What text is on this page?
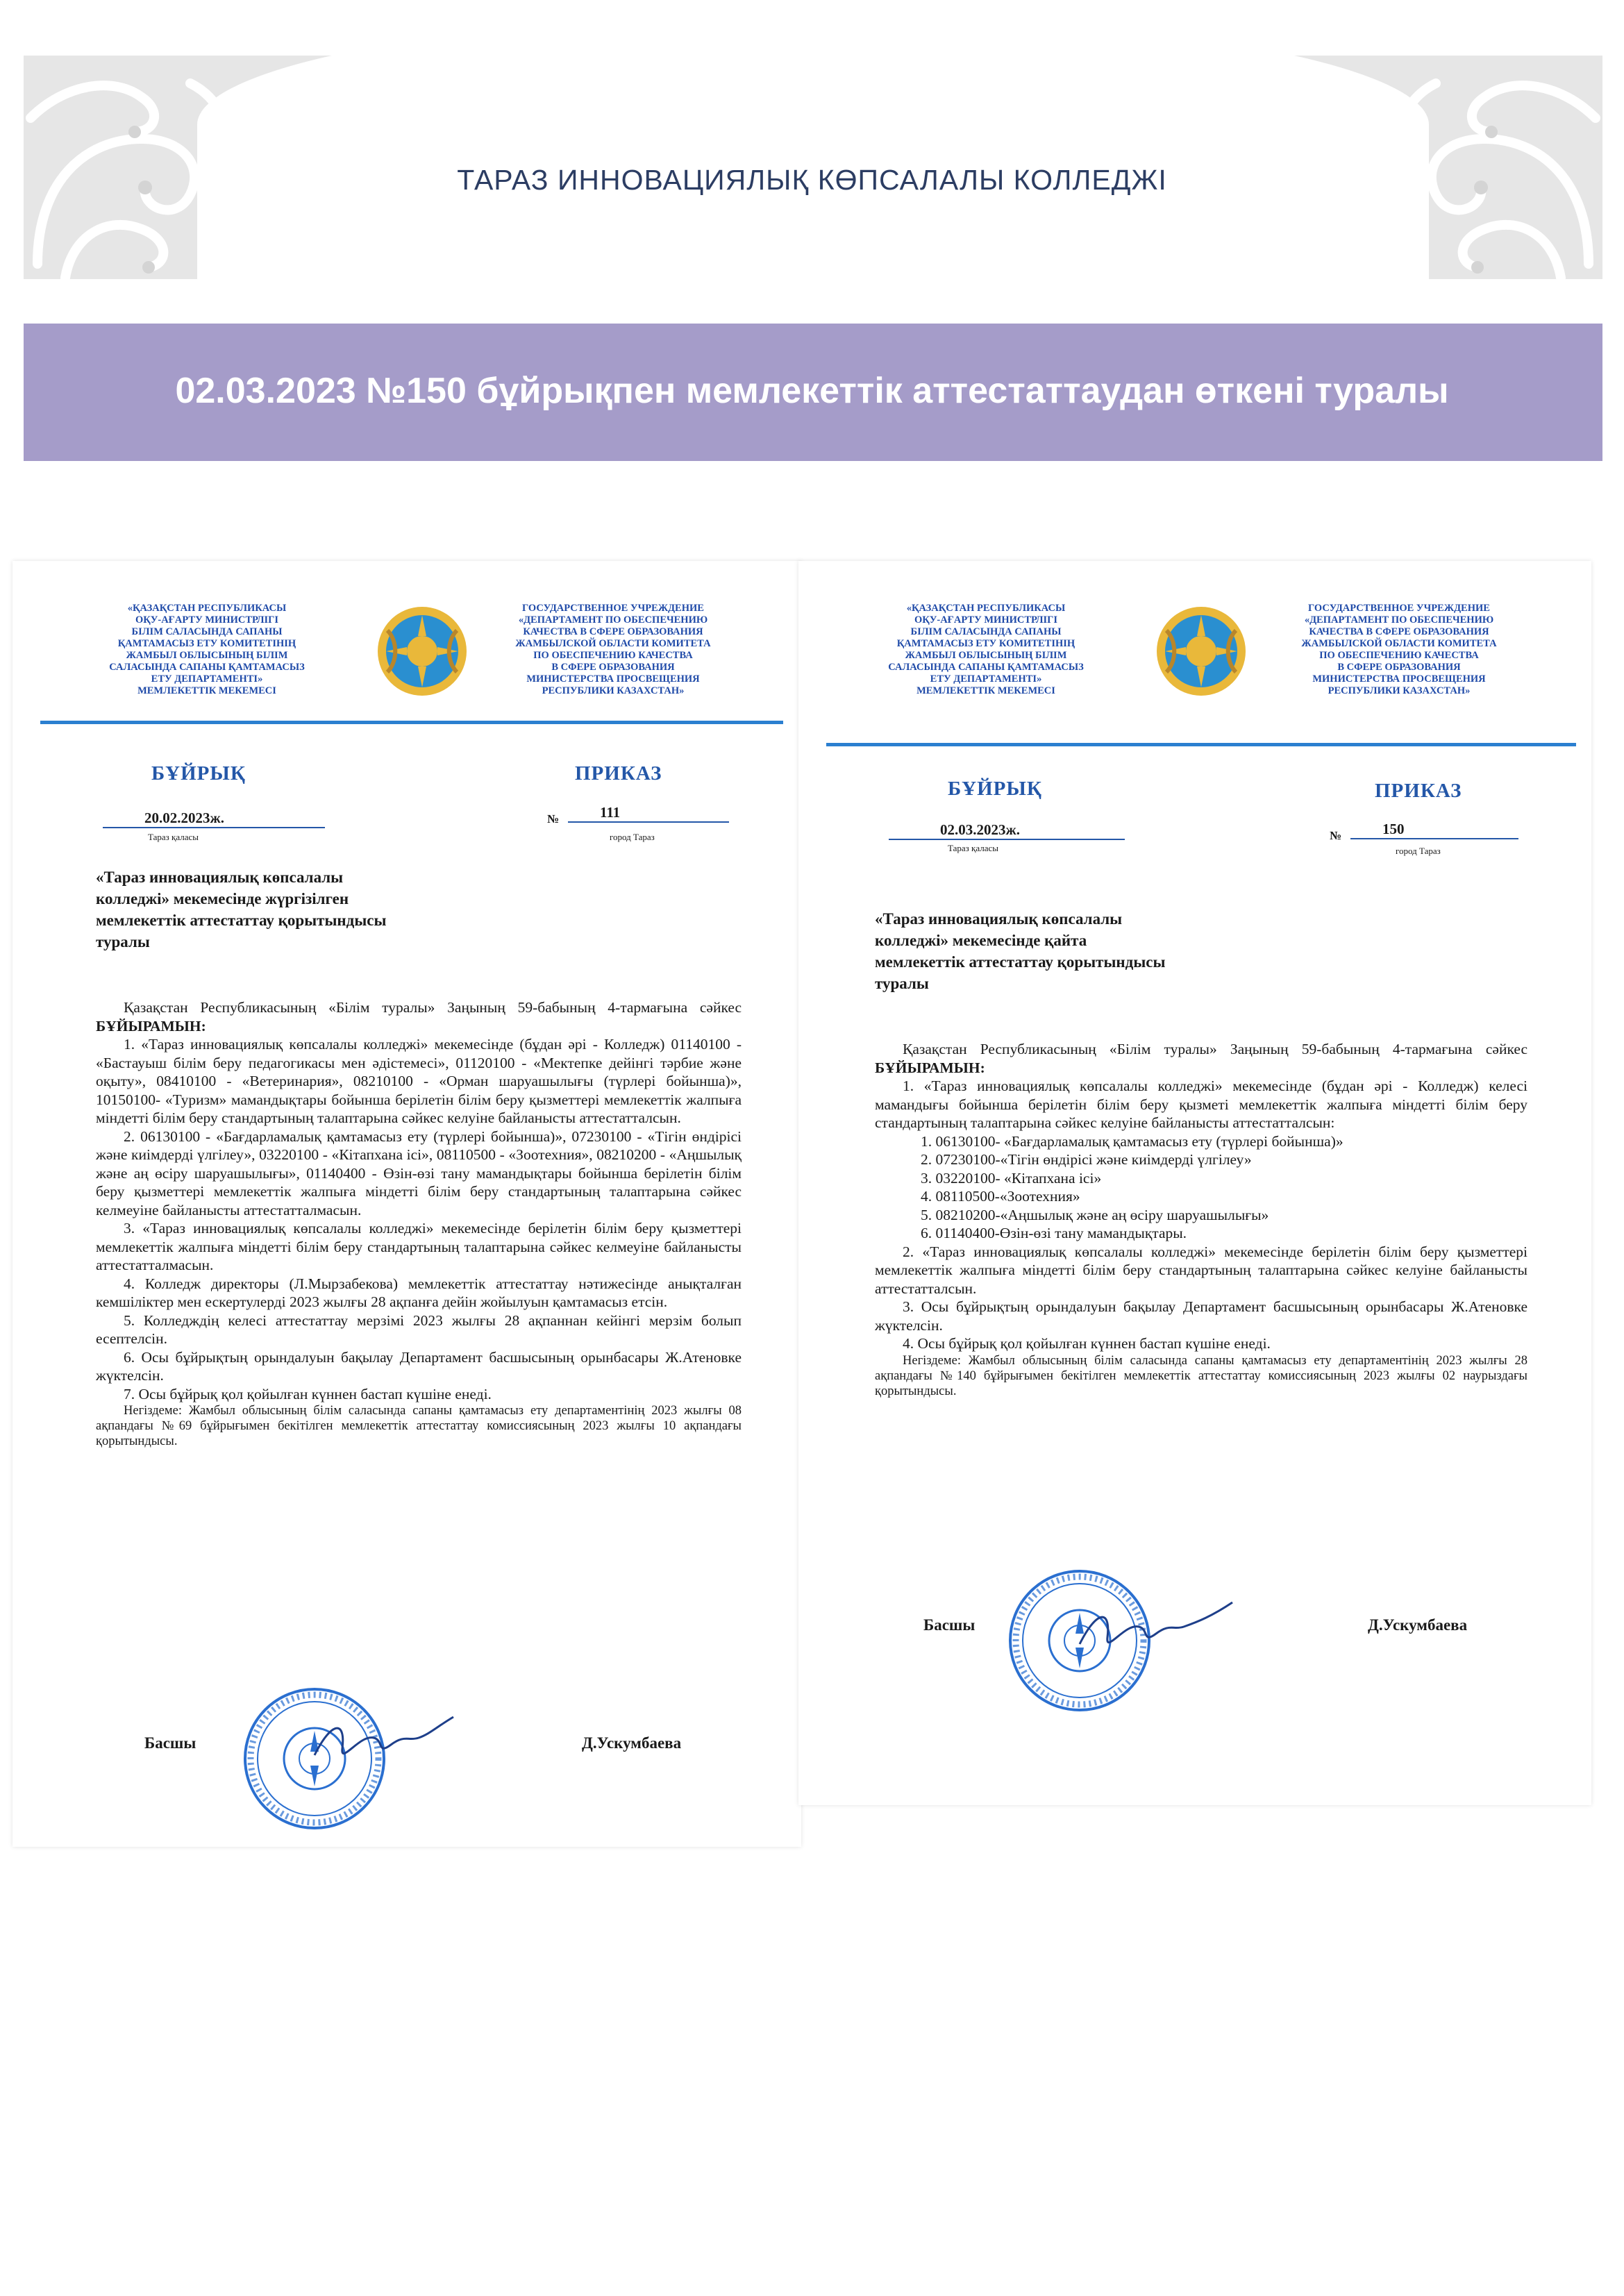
ТАРАЗ ИННОВАЦИЯЛЫҚ КӨПСАЛАЛЫ КОЛЛЕДЖІ
02.03.2023 №150 бұйрықпен мемлекеттік аттестаттаудан өткені туралы
«ҚАЗАҚСТАН РЕСПУБЛИКАСЫ
ОҚУ-АҒАРТУ МИНИСТРЛІГІ
БІЛІМ САЛАСЫНДА САПАНЫ
ҚАМТАМАСЫЗ ЕТУ КОМИТЕТІНІҢ
ЖАМБЫЛ ОБЛЫСЫНЫҢ БІЛІМ
САЛАСЫНДА САПАНЫ ҚАМТАМАСЫЗ
ЕТУ ДЕПАРТАМЕНТІ»
МЕМЛЕКЕТТІК МЕКЕМЕСІ
ГОСУДАРСТВЕННОЕ УЧРЕЖДЕНИЕ
«ДЕПАРТАМЕНТ ПО ОБЕСПЕЧЕНИЮ
КАЧЕСТВА В СФЕРЕ ОБРАЗОВАНИЯ
ЖАМБЫЛСКОЙ ОБЛАСТИ КОМИТЕТА
ПО ОБЕСПЕЧЕНИЮ КАЧЕСТВА
В СФЕРЕ ОБРАЗОВАНИЯ
МИНИСТЕРСТВА ПРОСВЕЩЕНИЯ
РЕСПУБЛИКИ КАЗАХСТАН»
БҰЙРЫҚ	ПРИКАЗ
20.02.2023ж.
Тараз қаласы
№	111
город Тараз
«Тараз инновациялық көпсалалы
колледжі» мекемесінде жүргізілген
мемлекеттік аттестаттау қорытындысы
туралы

Қазақстан Республикасының «Білім туралы» Заңының 59-бабының 4-тармағына сәйкес БҰЙЫРАМЫН:

1. «Тараз инновациялық көпсалалы колледжі» мекемесінде (бұдан әрі - Колледж) 01140100 - «Бастауыш білім беру педагогикасы мен әдістемесі», 01120100 - «Мектепке дейінгі тәрбие және оқыту», 08410100 - «Ветеринария», 08210100 - «Орман шаруашылығы (түрлері бойынша)», 10150100- «Туризм» мамандықтары бойынша берілетін білім беру қызметтері мемлекеттік жалпыға міндетті білім беру стандартының талаптарына сәйкес келуіне байланысты аттестатталсын.

2. 06130100 - «Бағдарламалық қамтамасыз ету (түрлері бойынша)», 07230100 - «Тігін өндірісі және киімдерді үлгілеу», 03220100 - «Кітапхана ісі», 08110500 - «Зоотехния», 08210200 - «Аңшылық және аң өсіру шаруашылығы», 01140400 - Өзін-өзі тану мамандықтары бойынша берілетін білім беру қызметтері мемлекеттік жалпыға міндетті білім беру стандартының талаптарына сәйкес келмеуіне байланысты аттестатталмасын.

3. «Тараз инновациялық көпсалалы колледжі» мекемесінде берілетін білім беру қызметтері мемлекеттік жалпыға міндетті білім беру стандартының талаптарына сәйкес келмеуіне байланысты аттестатталмасын.

4. Колледж директоры (Л.Мырзабекова) мемлекеттік аттестаттау нәтижесінде анықталған кемшіліктер мен ескертулерді 2023 жылғы 28 ақпанға дейін жойылуын қамтамасыз етсін.

5. Колледждің келесі аттестаттау мерзімі 2023 жылғы 28 ақпаннан кейінгі мерзім болып есептелсін.

6. Осы бұйрықтың орындалуын бақылау Департамент басшысының орынбасары Ж.Атеновке жүктелсін.

7. Осы бұйрық қол қойылған күннен бастап күшіне енеді.

Негіздеме: Жамбыл облысының білім саласында сапаны қамтамасыз ету департаментінің 2023 жылғы 08 ақпандағы №69 бұйрығымен бекітілген мемлекеттік аттестаттау комиссиясының 2023 жылғы 10 ақпандағы қорытындысы.

Басшы	Д.Ускумбаева
«ҚАЗАҚСТАН РЕСПУБЛИКАСЫ
ОҚУ-АҒАРТУ МИНИСТРЛІГІ
БІЛІМ САЛАСЫНДА САПАНЫ
ҚАМТАМАСЫЗ ЕТУ КОМИТЕТІНІҢ
ЖАМБЫЛ ОБЛЫСЫНЫҢ БІЛІМ
САЛАСЫНДА САПАНЫ ҚАМТАМАСЫЗ
ЕТУ ДЕПАРТАМЕНТІ»
МЕМЛЕКЕТТІК МЕКЕМЕСІ
ГОСУДАРСТВЕННОЕ УЧРЕЖДЕНИЕ
«ДЕПАРТАМЕНТ ПО ОБЕСПЕЧЕНИЮ
КАЧЕСТВА В СФЕРЕ ОБРАЗОВАНИЯ
ЖАМБЫЛСКОЙ ОБЛАСТИ КОМИТЕТА
ПО ОБЕСПЕЧЕНИЮ КАЧЕСТВА
В СФЕРЕ ОБРАЗОВАНИЯ
МИНИСТЕРСТВА ПРОСВЕЩЕНИЯ
РЕСПУБЛИКИ КАЗАХСТАН»
БҰЙРЫҚ	ПРИКАЗ
02.03.2023ж.
Тараз қаласы
№	150
город Тараз
«Тараз инновациялық көпсалалы
колледжі» мекемесінде қайта
мемлекеттік аттестаттау қорытындысы
туралы

Қазақстан Республикасының «Білім туралы» Заңының 59-бабының 4-тармағына сәйкес БҰЙЫРАМЫН:

1. «Тараз инновациялық көпсалалы колледжі» мекемесінде (бұдан әрі - Колледж) келесі мамандығы бойынша берілетін білім беру қызметі мемлекеттік жалпыға міндетті білім беру стандартының талаптарына сәйкес келуіне байланысты аттестатталсын:

1. 06130100- «Бағдарламалық қамтамасыз ету (түрлері бойынша)»

2. 07230100-«Тігін өндірісі және киімдерді үлгілеу»

3. 03220100- «Кітапхана ісі»

4. 08110500-«Зоотехния»

5. 08210200-«Аңшылық және аң өсіру шаруашылығы»

6. 01140400-Өзін-өзі тану мамандықтары.

2. «Тараз инновациялық көпсалалы колледжі» мекемесінде берілетін білім беру қызметтері мемлекеттік жалпыға міндетті білім беру стандартының талаптарына сәйкес келуіне байланысты аттестатталсын.

3. Осы бұйрықтың орындалуын бақылау Департамент басшысының орынбасары Ж.Атеновке жүктелсін.

4. Осы бұйрық қол қойылған күннен бастап күшіне енеді.

Негіздеме: Жамбыл облысының білім саласында сапаны қамтамасыз ету департаментінің 2023 жылғы 28 ақпандағы №140 бұйрығымен бекітілген мемлекеттік аттестаттау комиссиясының 2023 жылғы 02 наурыздағы қорытындысы.

Басшы	Д.Ускумбаева
